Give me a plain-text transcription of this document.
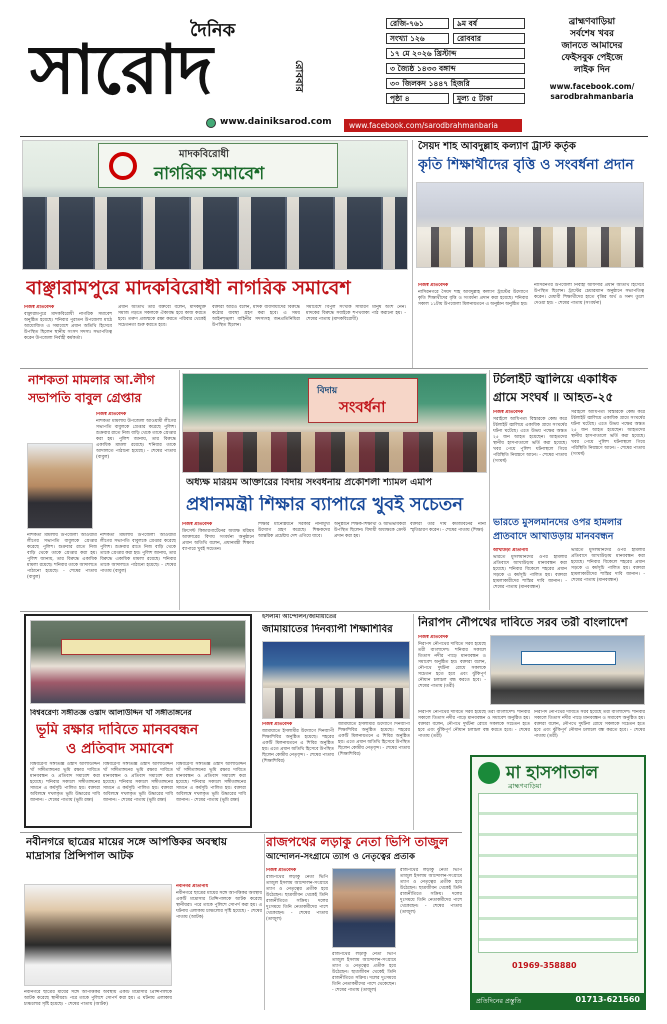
দৈনিক
সারোদ	রোববার
www.dainiksarod.com	www.facebook.com/sarodbrahmanbaria
রেজি-৭৬১	৯ম বর্ষ
সংখ্যা ১২৬	রোববার
১৭ মে ২০২৬ খ্রিস্টাব্দ
৩ জ্যৈষ্ঠ ১৪৩৩ বঙ্গাব্দ
৩০ জিলকদ ১৪৪৭ হিজরি
পৃষ্ঠা ৪	মূল্য ৫ টাকা
ব্রাহ্মণবাড়িয়া
সর্বশেষ খবর
জানতে আমাদের
ফেইসবুক পেইজে
লাইক দিন
www.facebook.com/
sarodbrahmanbaria
মাদকবিরোধী
নাগরিক সমাবেশ
বাঞ্ছারামপুরে মাদকবিরোধী নাগরিক সমাবেশ
নিজস্ব প্রতিবেদক
বাঞ্ছারামপুরে মাদকবিরোধী নাগরিক সমাবেশ অনুষ্ঠিত হয়েছে। শনিবার পুরাতন উপজেলা মাঠে আয়োজিত এ সমাবেশে প্রধান অতিথি হিসেবে উপস্থিত ছিলেন স্থানীয় সংসদ সদস্য। সভাপতিত্ব করেন উপজেলা নির্বাহী কর্মকর্তা।
প্রধান অতিথি তার বক্তব্যে বলেন, মাদকমুক্ত সমাজ গড়তে সকলকে ঐক্যবদ্ধ হয়ে কাজ করতে হবে। তরুণ প্রজন্মকে রক্ষা করতে পরিবার থেকেই সচেতনতা শুরু করতে হবে।
বক্তারা আরও বলেন, মাদক ব্যবসায়ীদের বিরুদ্ধে কঠোর ব্যবস্থা গ্রহণ করা হবে। এ সময় আইনশৃঙ্খলা বাহিনীর সদস্যসহ জনপ্রতিনিধিরা উপস্থিত ছিলেন।
সমাবেশে বিপুল সংখ্যক সাধারণ মানুষ অংশ নেন। মাদকের বিরুদ্ধে সবাইকে শপথবাক্য পাঠ করানো হয়। - শেষের পাতায় (মাদকবিরোধী)
সৈয়দ শাহ আবদুল্লাহ কল্যাণ ট্রাস্ট কর্তৃক
কৃতি শিক্ষার্থীদের বৃত্তি ও সংবর্ধনা প্রদান
নিজস্ব প্রতিবেদক
নাসিরনগরে সৈয়দ শাহ আবদুল্লাহ কল্যাণ ট্রাস্টের উদ্যোগে কৃতি শিক্ষার্থীদের বৃত্তি ও সংবর্ধনা প্রদান করা হয়েছে। শনিবার সকাল ১১টায় উপজেলা মিলনায়তনে এ অনুষ্ঠান অনুষ্ঠিত হয়।
নাসিরনগর উপজেলা নির্বাহী অফিসার প্রধান অতিথি হিসেবে উপস্থিত ছিলেন। ট্রাস্টের চেয়ারম্যান অনুষ্ঠানে সভাপতিত্ব করেন। মেধাবী শিক্ষার্থীদের হাতে বৃত্তির অর্থ ও সনদ তুলে দেওয়া হয়। - শেষের পাতায় (সংবর্ধনা)
নাশকতা মামলার আ.লীগ
সভাপতি বাবুল গ্রেপ্তার
নিজস্ব প্রতিবেদক
নাশকতা মামলায় উপজেলা আওয়ামী লীগের সভাপতি বাবুলকে গ্রেপ্তার করেছে পুলিশ। শুক্রবার রাতে নিজ বাড়ি থেকে তাকে গ্রেপ্তার করা হয়। পুলিশ জানায়, তার বিরুদ্ধে একাধিক মামলা রয়েছে। শনিবার তাকে আদালতে পাঠানো হয়েছে। - শেষের পাতায় (বাবুল)
নাশকতা মামলায় উপজেলা আওয়ামী লীগের সভাপতি বাবুলকে গ্রেপ্তার করেছে পুলিশ। শুক্রবার রাতে নিজ বাড়ি থেকে তাকে গ্রেপ্তার করা হয়। পুলিশ জানায়, তার বিরুদ্ধে একাধিক মামলা রয়েছে। শনিবার তাকে আদালতে পাঠানো হয়েছে। - শেষের পাতায় (বাবুল)
নাশকতা মামলায় উপজেলা আওয়ামী লীগের সভাপতি বাবুলকে গ্রেপ্তার করেছে পুলিশ। শুক্রবার রাতে নিজ বাড়ি থেকে তাকে গ্রেপ্তার করা হয়। পুলিশ জানায়, তার বিরুদ্ধে একাধিক মামলা রয়েছে। শনিবার তাকে আদালতে পাঠানো হয়েছে। - শেষের পাতায় (বাবুল)
বিদায়
সংবর্ধনা
অধ্যক্ষ মরিয়ম আক্তারের বিদায় সংবর্ধনায় প্রকৌশলী শ্যামল এমপি
প্রধানমন্ত্রী শিক্ষার ব্যাপারে খুবই সচেতন
নিজস্ব প্রতিবেদক
ক্রিসেন্ট কিন্ডারগার্টেনের অধ্যক্ষ মরিয়ম আক্তারের বিদায় সংবর্ধনা অনুষ্ঠানে প্রধান অতিথি বলেন, প্রধানমন্ত্রী শিক্ষার ব্যাপারে খুবই সচেতন।
শিক্ষার মানোন্নয়নে সরকার নানামুখী উদ্যোগ গ্রহণ করেছে। শিক্ষকদের আন্তরিক প্রচেষ্টায় দেশ এগিয়ে যাবে।
অনুষ্ঠানে শিক্ষক-শিক্ষার্থী ও অভিভাবকরা উপস্থিত ছিলেন। বিদায়ী অধ্যক্ষকে ক্রেস্ট প্রদান করা হয়।
বক্তারা তার দীর্ঘ কর্মজীবনের নানা স্মৃতিচারণ করেন। - শেষের পাতায় (শিক্ষা)
টর্চলাইট জ্বালিয়ে একাধিক
গ্রামে সংঘর্ষ ॥ আহত-২৫
নিজস্ব প্রতিবেদক
সরাইলে আধিপত্য বিস্তারকে কেন্দ্র করে টর্চলাইট জ্বালিয়ে একাধিক গ্রামে সংঘর্ষের ঘটনা ঘটেছে। এতে উভয় পক্ষের অন্তত ২৫ জন আহত হয়েছেন। আহতদের স্থানীয় হাসপাতালে ভর্তি করা হয়েছে। খবর পেয়ে পুলিশ ঘটনাস্থলে গিয়ে পরিস্থিতি নিয়ন্ত্রণে আনে। - শেষের পাতায় (সংঘর্ষ)
সরাইলে আধিপত্য বিস্তারকে কেন্দ্র করে টর্চলাইট জ্বালিয়ে একাধিক গ্রামে সংঘর্ষের ঘটনা ঘটেছে। এতে উভয় পক্ষের অন্তত ২৫ জন আহত হয়েছেন। আহতদের স্থানীয় হাসপাতালে ভর্তি করা হয়েছে। খবর পেয়ে পুলিশ ঘটনাস্থলে গিয়ে পরিস্থিতি নিয়ন্ত্রণে আনে। - শেষের পাতায় (সংঘর্ষ)
ভারতে মুসলমানদের ওপর হামলার
প্রতিবাদে আখাউড়ায় মানববন্ধন
আখাউড়া প্রতিনিধি
ভারতে মুসলমানদের ওপর হামলার প্রতিবাদে আখাউড়ায় মানববন্ধন করা হয়েছে। শনিবার বিকেলে শহরের প্রধান সড়কে এ কর্মসূচি পালিত হয়। বক্তারা হামলাকারীদের শাস্তির দাবি জানান। - শেষের পাতায় (মানববন্ধন)
ভারতে মুসলমানদের ওপর হামলার প্রতিবাদে আখাউড়ায় মানববন্ধন করা হয়েছে। শনিবার বিকেলে শহরের প্রধান সড়কে এ কর্মসূচি পালিত হয়। বক্তারা হামলাকারীদের শাস্তির দাবি জানান। - শেষের পাতায় (মানববন্ধন)
বিশ্ববরেণ্য সঙ্গীতজ্ঞ ওস্তাদ আলাউদ্দিন খাঁ সঙ্গীতাঙ্গনের
ভূমি রক্ষার দাবিতে মানববন্ধন
ও প্রতিবাদ সমাবেশ
বিশ্ববরেণ্য সঙ্গীতজ্ঞ ওস্তাদ আলাউদ্দিন খাঁ সঙ্গীতাঙ্গনের ভূমি রক্ষার দাবিতে মানববন্ধন ও প্রতিবাদ সমাবেশ করা হয়েছে। শনিবার সকালে সঙ্গীতাঙ্গনের সামনে এ কর্মসূচি পালিত হয়। বক্তারা অবিলম্বে দখলকৃত ভূমি উদ্ধারের দাবি জানান। - শেষের পাতায় (ভূমি রক্ষা)
বিশ্ববরেণ্য সঙ্গীতজ্ঞ ওস্তাদ আলাউদ্দিন খাঁ সঙ্গীতাঙ্গনের ভূমি রক্ষার দাবিতে মানববন্ধন ও প্রতিবাদ সমাবেশ করা হয়েছে। শনিবার সকালে সঙ্গীতাঙ্গনের সামনে এ কর্মসূচি পালিত হয়। বক্তারা অবিলম্বে দখলকৃত ভূমি উদ্ধারের দাবি জানান। - শেষের পাতায় (ভূমি রক্ষা)
বিশ্ববরেণ্য সঙ্গীতজ্ঞ ওস্তাদ আলাউদ্দিন খাঁ সঙ্গীতাঙ্গনের ভূমি রক্ষার দাবিতে মানববন্ধন ও প্রতিবাদ সমাবেশ করা হয়েছে। শনিবার সকালে সঙ্গীতাঙ্গনের সামনে এ কর্মসূচি পালিত হয়। বক্তারা অবিলম্বে দখলকৃত ভূমি উদ্ধারের দাবি জানান। - শেষের পাতায় (ভূমি রক্ষা)
ইসলামী আন্দোলন/জামায়াতের
জামায়াতের দিনব্যাপী শিক্ষাশিবির
নিজস্ব প্রতিবেদক
জামায়াতে ইসলামীর উদ্যোগে দিনব্যাপী শিক্ষাশিবির অনুষ্ঠিত হয়েছে। শহরের একটি মিলনায়তনে এ শিবির অনুষ্ঠিত হয়। এতে প্রধান অতিথি হিসেবে উপস্থিত ছিলেন কেন্দ্রীয় নেতৃবৃন্দ। - শেষের পাতায় (শিক্ষাশিবির)
জামায়াতে ইসলামীর উদ্যোগে দিনব্যাপী শিক্ষাশিবির অনুষ্ঠিত হয়েছে। শহরের একটি মিলনায়তনে এ শিবির অনুষ্ঠিত হয়। এতে প্রধান অতিথি হিসেবে উপস্থিত ছিলেন কেন্দ্রীয় নেতৃবৃন্দ। - শেষের পাতায় (শিক্ষাশিবির)
নিরাপদ নৌপথের দাবিতে সরব তরী বাংলাদেশ
নিজস্ব প্রতিবেদক
নিরাপদ নৌপথের দাবিতে সরব হয়েছে তরী বাংলাদেশ। শনিবার সকালে তিতাস নদীর পাড়ে মানববন্ধন ও সমাবেশ অনুষ্ঠিত হয়। বক্তারা বলেন, নৌপথে দুর্ঘটনা রোধে সকলকে সচেতন হতে হবে এবং ঝুঁকিপূর্ণ নৌযান চলাচল বন্ধ করতে হবে। - শেষের পাতায় (তরী)
নিরাপদ নৌপথের দাবিতে সরব হয়েছে তরী বাংলাদেশ। শনিবার সকালে তিতাস নদীর পাড়ে মানববন্ধন ও সমাবেশ অনুষ্ঠিত হয়। বক্তারা বলেন, নৌপথে দুর্ঘটনা রোধে সকলকে সচেতন হতে হবে এবং ঝুঁকিপূর্ণ নৌযান চলাচল বন্ধ করতে হবে। - শেষের পাতায় (তরী)
নিরাপদ নৌপথের দাবিতে সরব হয়েছে তরী বাংলাদেশ। শনিবার সকালে তিতাস নদীর পাড়ে মানববন্ধন ও সমাবেশ অনুষ্ঠিত হয়। বক্তারা বলেন, নৌপথে দুর্ঘটনা রোধে সকলকে সচেতন হতে হবে এবং ঝুঁকিপূর্ণ নৌযান চলাচল বন্ধ করতে হবে। - শেষের পাতায় (তরী)
মা হাসপাতাল
ব্রাহ্মণবাড়িয়া
01969-358880
প্রতিদিনের প্রস্তুতি	01713-621560
নবীনগরে ছাত্রের মায়ের সঙ্গে আপত্তিকর অবস্থায় মাদ্রাসার প্রিন্সিপাল আটক
নবীনগর প্রতিনিধি
নবীনগরে ছাত্রের মায়ের সঙ্গে আপত্তিকর অবস্থায় একটি মাদ্রাসার প্রিন্সিপালকে আটক করেছে স্থানীয়রা। পরে তাকে পুলিশে সোপর্দ করা হয়। এ ঘটনায় এলাকায় চাঞ্চল্যের সৃষ্টি হয়েছে। - শেষের পাতায় (আটক)
নবীনগরে ছাত্রের মায়ের সঙ্গে আপত্তিকর অবস্থায় একটি মাদ্রাসার প্রিন্সিপালকে আটক করেছে স্থানীয়রা। পরে তাকে পুলিশে সোপর্দ করা হয়। এ ঘটনায় এলাকায় চাঞ্চল্যের সৃষ্টি হয়েছে। - শেষের পাতায় (আটক)
রাজপথের লড়াকু নেতা ভিপি তাজুল
আন্দোলন-সংগ্রামে ত্যাগ ও নেতৃত্বের প্রতীক
নিজস্ব প্রতিবেদক
রাজপথের লড়াকু নেতা ভিপি তাজুল ইসলাম আন্দোলন-সংগ্রামে ত্যাগ ও নেতৃত্বের প্রতীক হয়ে উঠেছেন। ছাত্রজীবন থেকেই তিনি রাজনীতিতে সক্রিয়। দলের দুঃসময়ে তিনি নেতাকর্মীদের পাশে থেকেছেন। - শেষের পাতায় (তাজুল)
রাজপথের লড়াকু নেতা ভিপি তাজুল ইসলাম আন্দোলন-সংগ্রামে ত্যাগ ও নেতৃত্বের প্রতীক হয়ে উঠেছেন। ছাত্রজীবন থেকেই তিনি রাজনীতিতে সক্রিয়। দলের দুঃসময়ে তিনি নেতাকর্মীদের পাশে থেকেছেন। - শেষের পাতায় (তাজুল)
রাজপথের লড়াকু নেতা ভিপি তাজুল ইসলাম আন্দোলন-সংগ্রামে ত্যাগ ও নেতৃত্বের প্রতীক হয়ে উঠেছেন। ছাত্রজীবন থেকেই তিনি রাজনীতিতে সক্রিয়। দলের দুঃসময়ে তিনি নেতাকর্মীদের পাশে থেকেছেন। - শেষের পাতায় (তাজুল)
